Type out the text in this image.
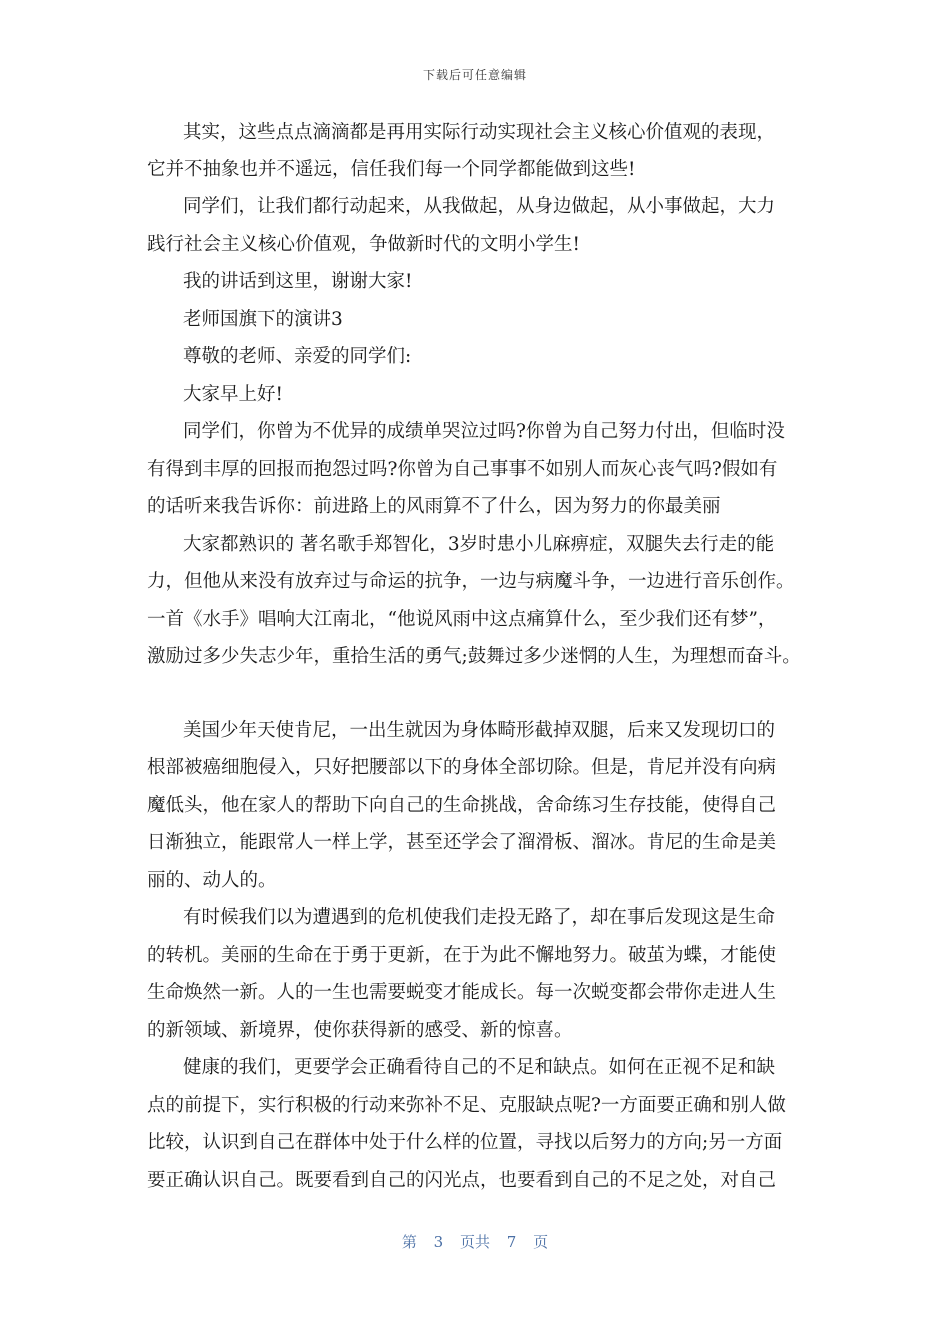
下载后可任意编辑
其实，这些点点滴滴都是再用实际行动实现社会主义核心价值观的表现，
它并不抽象也并不遥远，信任我们每一个同学都能做到这些!
同学们，让我们都行动起来，从我做起，从身边做起，从小事做起，大力
践行社会主义核心价值观，争做新时代的文明小学生!
我的讲话到这里，谢谢大家!
老师国旗下的演讲3
尊敬的老师、亲爱的同学们:
大家早上好!
同学们，你曾为不优异的成绩单哭泣过吗?你曾为自己努力付出，但临时没
有得到丰厚的回报而抱怨过吗?你曾为自己事事不如别人而灰心丧气吗?假如有
的话听来我告诉你：前进路上的风雨算不了什么，因为努力的你最美丽
大家都熟识的 著名歌手郑智化，3岁时患小儿麻痹症，双腿失去行走的能
力，但他从来没有放弃过与命运的抗争，一边与病魔斗争，一边进行音乐创作。
一首《水手》唱响大江南北，“他说风雨中这点痛算什么，至少我们还有梦”，
激励过多少失志少年，重拾生活的勇气;鼓舞过多少迷惘的人生，为理想而奋斗。
美国少年天使肯尼，一出生就因为身体畸形截掉双腿，后来又发现切口的
根部被癌细胞侵入，只好把腰部以下的身体全部切除。但是，肯尼并没有向病
魔低头，他在家人的帮助下向自己的生命挑战，舍命练习生存技能，使得自己
日渐独立，能跟常人一样上学，甚至还学会了溜滑板、溜冰。肯尼的生命是美
丽的、动人的。
有时候我们以为遭遇到的危机使我们走投无路了，却在事后发现这是生命
的转机。美丽的生命在于勇于更新，在于为此不懈地努力。破茧为蝶，才能使
生命焕然一新。人的一生也需要蜕变才能成长。每一次蜕变都会带你走进人生
的新领域、新境界，使你获得新的感受、新的惊喜。
健康的我们，更要学会正确看待自己的不足和缺点。如何在正视不足和缺
点的前提下，实行积极的行动来弥补不足、克服缺点呢?一方面要正确和别人做
比较，认识到自己在群体中处于什么样的位置，寻找以后努力的方向;另一方面
要正确认识自己。既要看到自己的闪光点，也要看到自己的不足之处，对自己
第 3 页共 7 页
